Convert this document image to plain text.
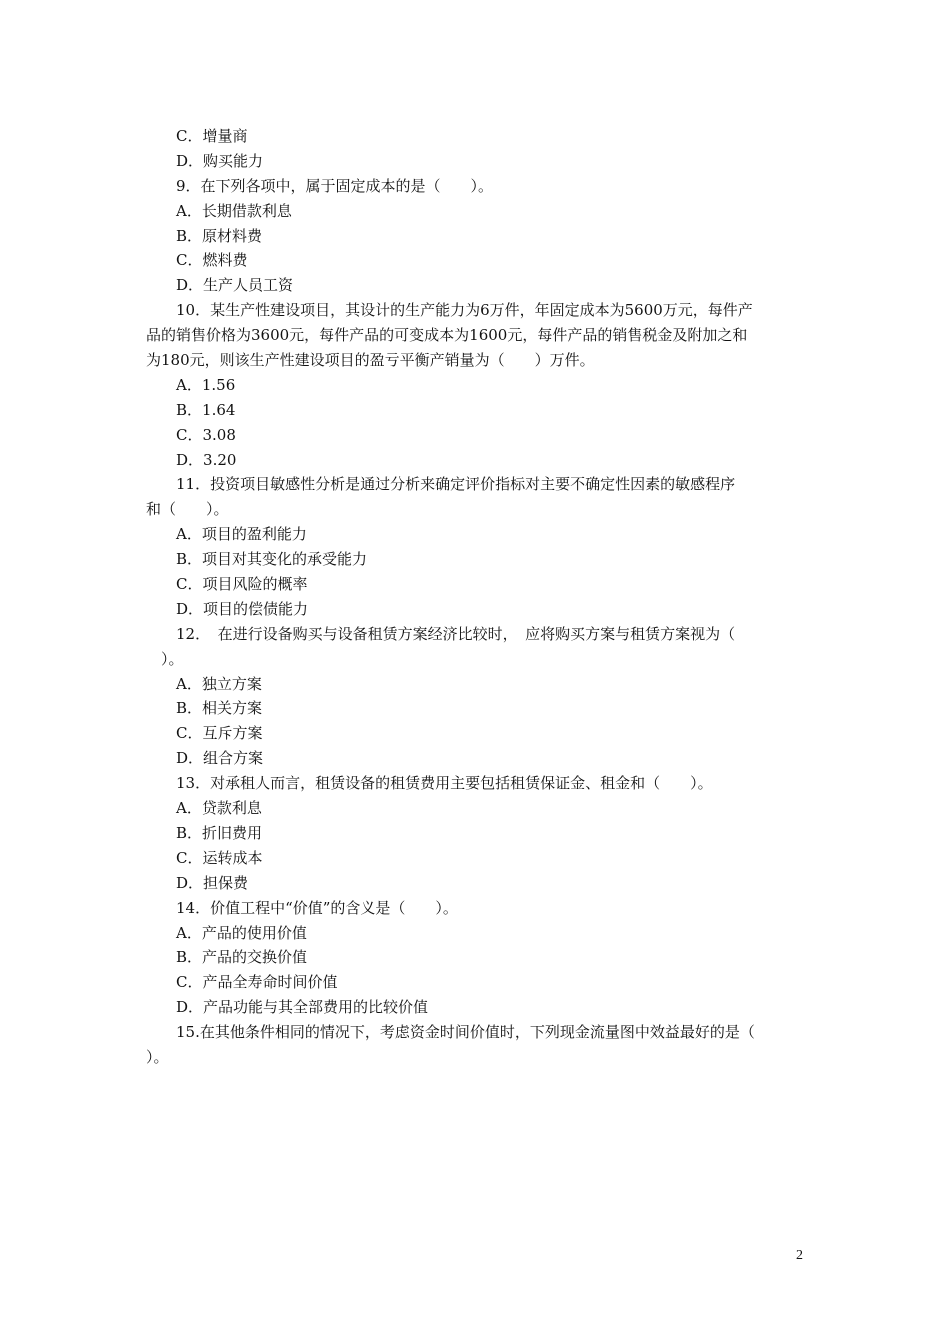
C．增量商
D．购买能力
9．在下列各项中，属于固定成本的是（　　）。
A．长期借款利息
B．原材料费
C．燃料费
D．生产人员工资
10．某生产性建设项目，其设计的生产能力为6万件，年固定成本为5600万元，每件产
品的销售价格为3600元，每件产品的可变成本为1600元，每件产品的销售税金及附加之和
为180元，则该生产性建设项目的盈亏平衡产销量为（　　）万件。
A．1.56
B．1.64
C．3.08
D．3.20
11．投资项目敏感性分析是通过分析来确定评价指标对主要不确定性因素的敏感程序
和（　　）。
A．项目的盈利能力
B．项目对其变化的承受能力
C．项目风险的概率
D．项目的偿债能力
12．　在进行设备购买与设备租赁方案经济比较时，　应将购买方案与租赁方案视为（
　）。
A．独立方案
B．相关方案
C．互斥方案
D．组合方案
13．对承租人而言，租赁设备的租赁费用主要包括租赁保证金、租金和（　　）。
A．贷款利息
B．折旧费用
C．运转成本
D．担保费
14．价值工程中“价值”的含义是（　　）。
A．产品的使用价值
B．产品的交换价值
C．产品全寿命时间价值
D．产品功能与其全部费用的比较价值
15.在其他条件相同的情况下，考虑资金时间价值时，下列现金流量图中效益最好的是（
）。
2
